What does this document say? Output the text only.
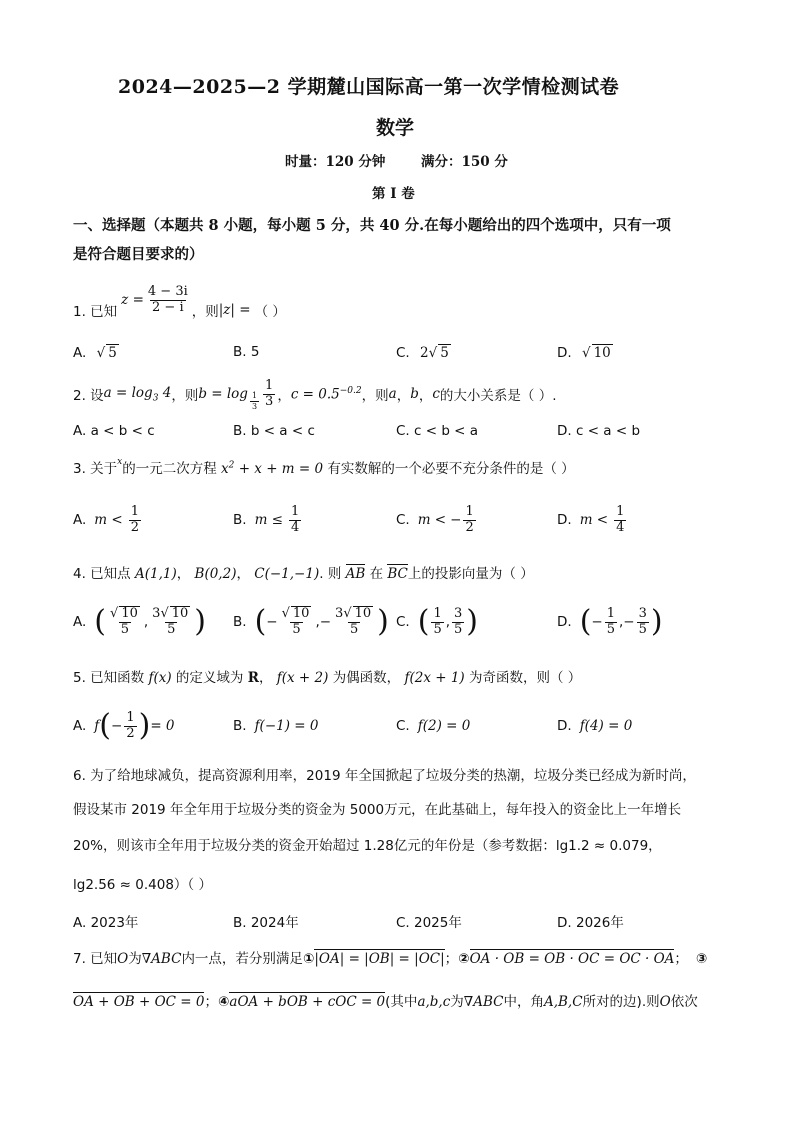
2024—2025—2 学期麓山国际高一第一次学情检测试卷
数学
时量：120 分钟	满分：150 分
第 I 卷
一、选择题（本题共 8 小题，每小题 5 分，共 40 分.在每小题给出的四个选项中，只有一项
是符合题目要求的）
1. 已知
$z = \frac{4 - 3i}{2 - i}$ ，则 |z| = （ ）
A. √ 5	B. 5	C. 2√ 5	D. √ 10
2. 设 $a = \log_3 4$ ，则 $b = \log \frac{1}{3} \frac{1}{3}$ ， $c = 0.5^{-0.2}$ ，则 a ， b ， c 的大小关系是（ ）.
A. a < b < c	B. b < a < c	C. c < b < a	D. c < a < b
3. 关于$^x$的一元二次方程 $x^2 + x + m = 0$ 有实数解的一个必要不充分条件的是（ ）
A. $m < \frac{1}{2}$	B. $m \le \frac{1}{4}$	C. m < − $\frac{1}{2}$	D. $m < \frac{1}{4}$
4. 已知点 A(1,1)， B(0,2)， C(−1,−1). 则 AB 在 BC上的投影向量为（ ）
A. ( $\frac{√ 10}{5}$ , $\frac{3√ 10}{5}$ ) B. ( − $\frac{√ 10}{5}$ , − $\frac{3√ 10}{5}$ ) C. ( $\frac{1}{5}$ , $\frac{3}{5}$ )	D. ( − $\frac{1}{5}$ , − $\frac{3}{5}$ )
5. 已知函数 f(x) 的定义域为 R， f(x + 2) 为偶函数， f(2x + 1) 为奇函数，则（ ）
A. f ( − $\frac{1}{2}$ ) = 0	B. f(−1) = 0	C. f(2) = 0	D. f(4) = 0
6. 为了给地球减负，提高资源利用率，2019 年全国掀起了垃圾分类的热潮，垃圾分类已经成为新时尚，
假设某市 2019 年全年用于垃圾分类的资金为 5000万元，在此基础上，每年投入的资金比上一年增长
20%，则该市全年用于垃圾分类的资金开始超过 1.28亿元的年份是（参考数据：lg1.2 ≈ 0.079，
lg2.56 ≈ 0.408）（ ）
A. 2023年	B. 2024年	C. 2025年	D. 2026年
7. 已知O为∇ABC内一点，若分别满足①|OA| = |OB| = |OC|；②OA · OB = OB · OC = OC · OA； ③
OA + OB + OC = 0；④aOA + bOB + cOC = 0(其中a,b,c为∇ABC中，角A,B,C所对的边).则O依次
